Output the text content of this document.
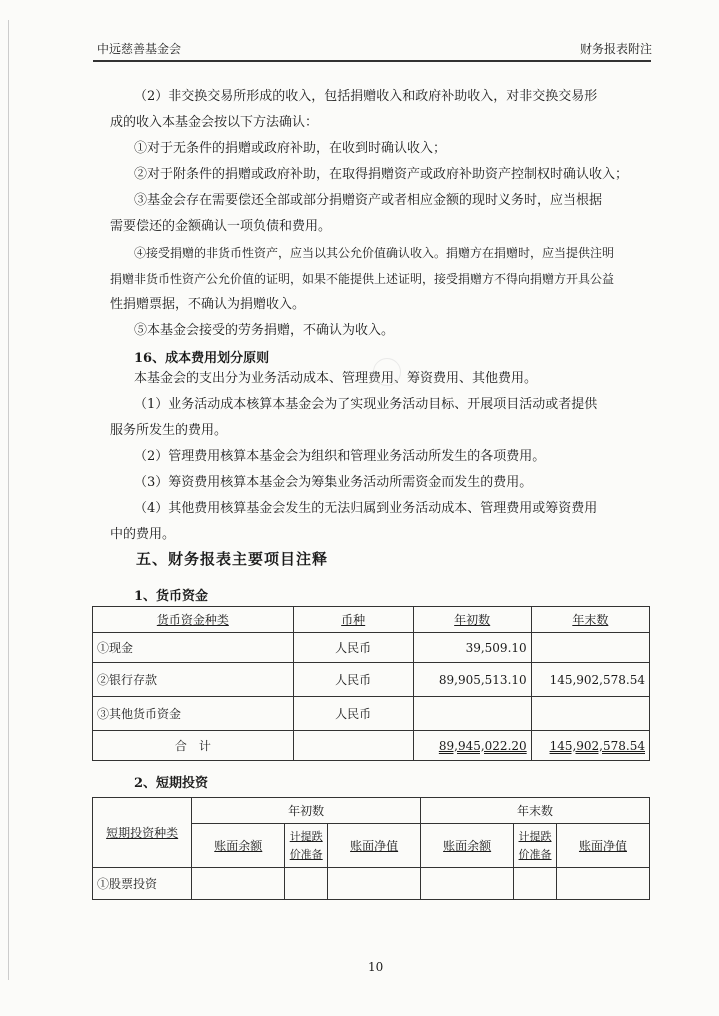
中远慈善基金会	财务报表附注
（2）非交换交易所形成的收入，包括捐赠收入和政府补助收入，对非交换交易形
成的收入本基金会按以下方法确认：
①对于无条件的捐赠或政府补助，在收到时确认收入；
②对于附条件的捐赠或政府补助，在取得捐赠资产或政府补助资产控制权时确认收入；
③基金会存在需要偿还全部或部分捐赠资产或者相应金额的现时义务时，应当根据
需要偿还的金额确认一项负债和费用。
④接受捐赠的非货币性资产，应当以其公允价值确认收入。捐赠方在捐赠时，应当提供注明
捐赠非货币性资产公允价值的证明，如果不能提供上述证明，接受捐赠方不得向捐赠方开具公益
性捐赠票据，不确认为捐赠收入。
⑤本基金会接受的劳务捐赠，不确认为收入。
16、成本费用划分原则
本基金会的支出分为业务活动成本、管理费用、筹资费用、其他费用。
（1）业务活动成本核算本基金会为了实现业务活动目标、开展项目活动或者提供
服务所发生的费用。
（2）管理费用核算本基金会为组织和管理业务活动所发生的各项费用。
（3）筹资费用核算本基金会为筹集业务活动所需资金而发生的费用。
（4）其他费用核算基金会发生的无法归属到业务活动成本、管理费用或筹资费用
中的费用。
五、财务报表主要项目注释
1、货币资金
货币资金种类	币种	年初数	年末数
①现金	人民币	39,509.10	
②银行存款	人民币	89,905,513.10	145,902,578.54
③其他货币资金	人民币		
合　计		89,945,022.20	145,902,578.54
2、短期投资
短期投资种类	年初数			年末数		
	账面余额	计提跌价准备	账面净值	账面余额	计提跌价准备	账面净值
①股票投资						
10
